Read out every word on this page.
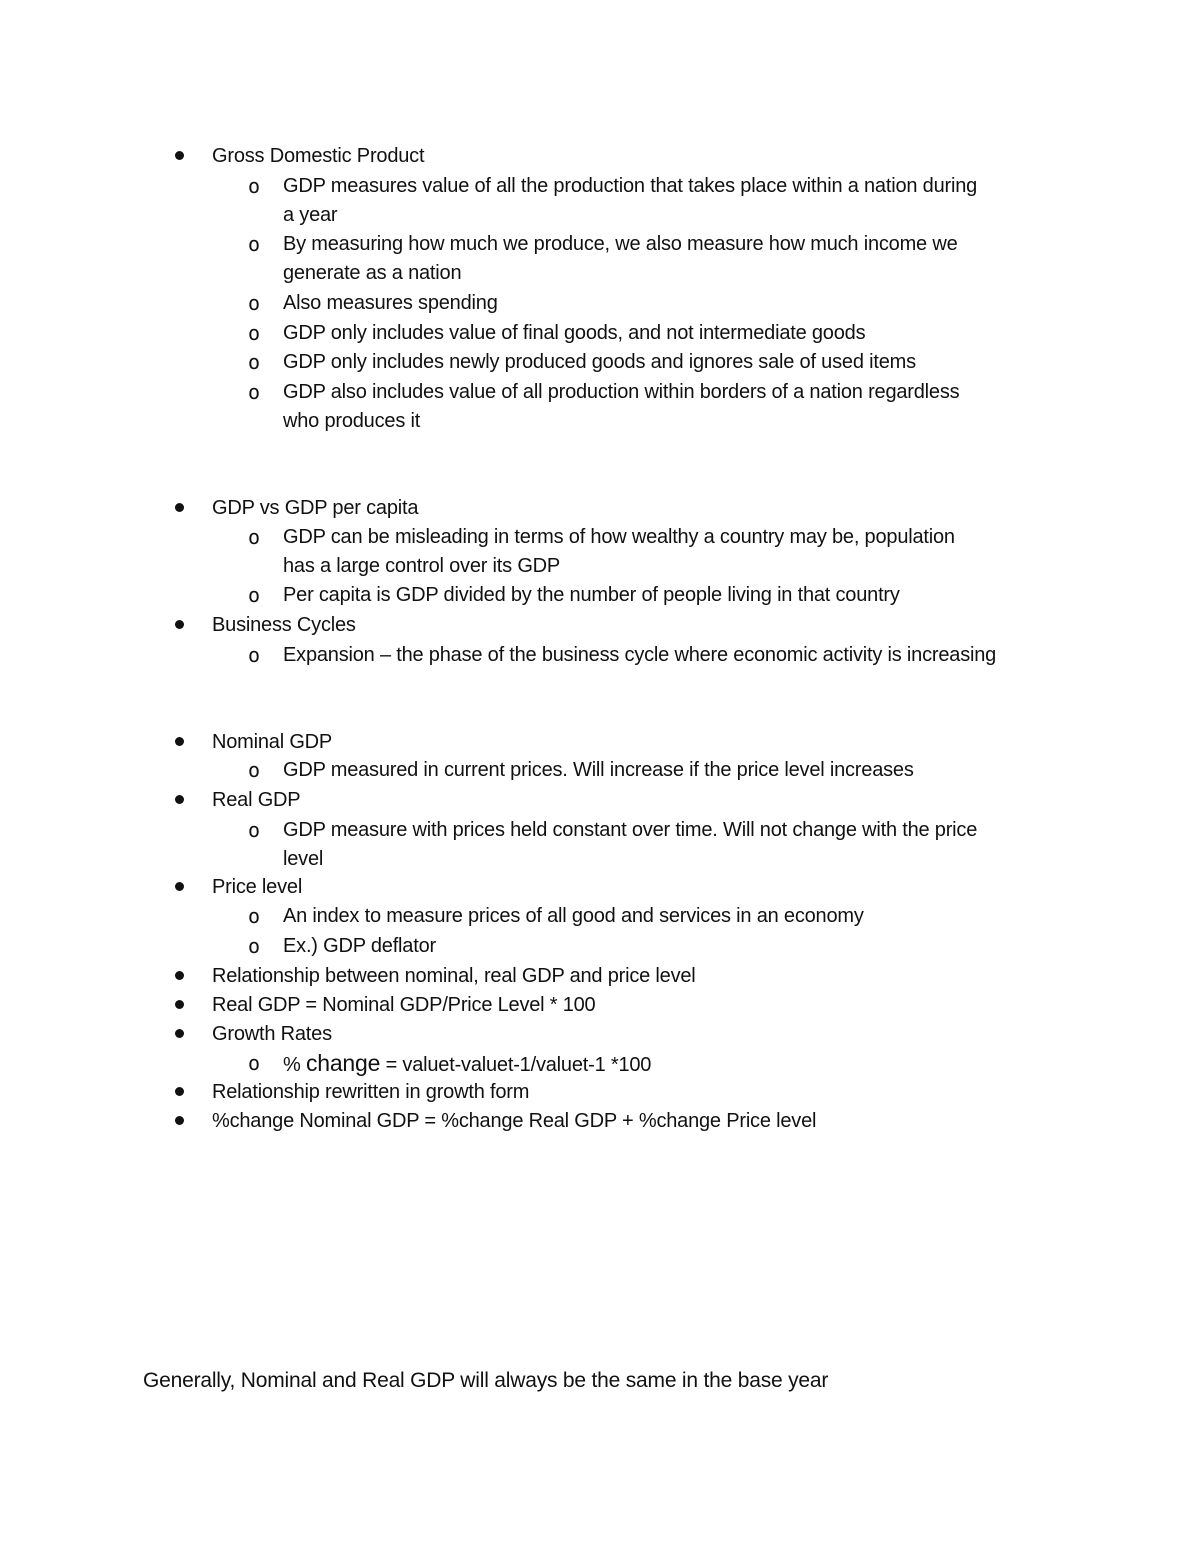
Gross Domestic Product
o GDP measures value of all the production that takes place within a nation during
a year
o By measuring how much we produce, we also measure how much income we
generate as a nation
o Also measures spending
o GDP only includes value of final goods, and not intermediate goods
o GDP only includes newly produced goods and ignores sale of used items
o GDP also includes value of all production within borders of a nation regardless
who produces it
GDP vs GDP per capita
o GDP can be misleading in terms of how wealthy a country may be, population
has a large control over its GDP
o Per capita is GDP divided by the number of people living in that country
Business Cycles
o Expansion – the phase of the business cycle where economic activity is increasing
Nominal GDP
o GDP measured in current prices. Will increase if the price level increases
Real GDP
o GDP measure with prices held constant over time. Will not change with the price
level
Price level
o An index to measure prices of all good and services in an economy
o Ex.) GDP deflator
Relationship between nominal, real GDP and price level
Real GDP = Nominal GDP/Price Level * 100
Growth Rates
o % change = valuet-valuet-1/valuet-1 *100
Relationship rewritten in growth form
%change Nominal GDP = %change Real GDP + %change Price level
Generally, Nominal and Real GDP will always be the same in the base year
